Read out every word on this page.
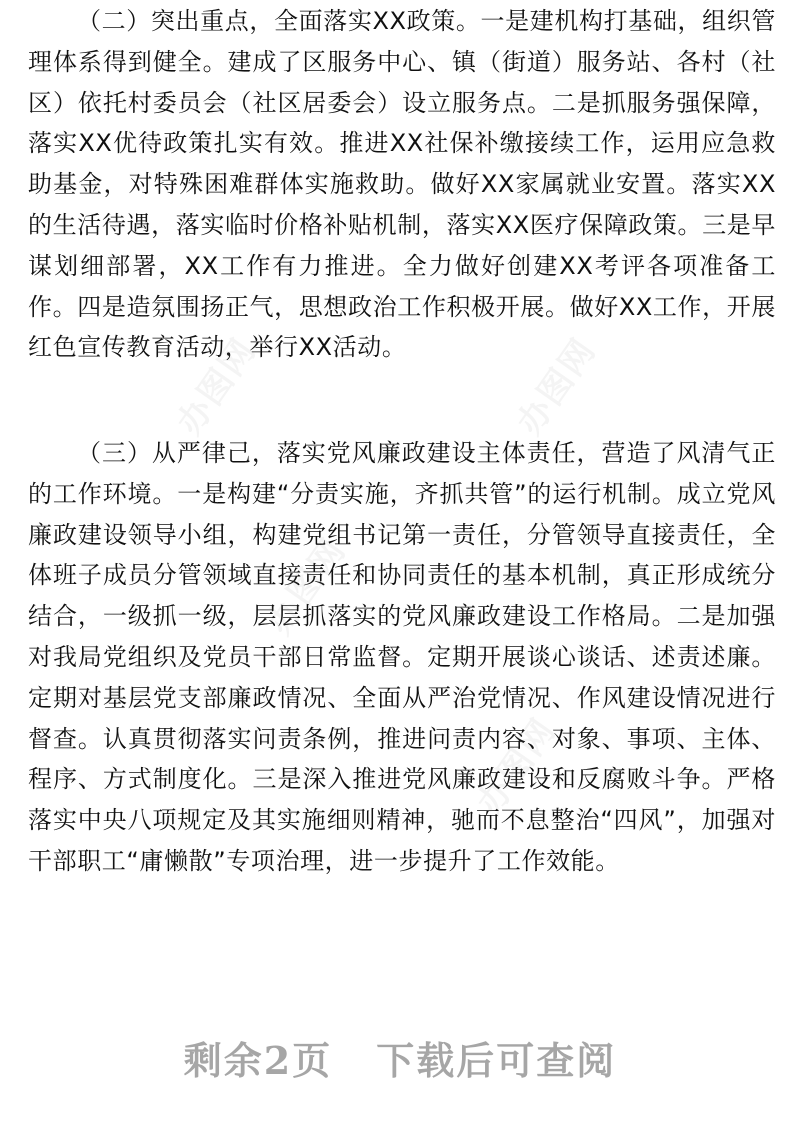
（二）突出重点，全面落实XX政策。一是建机构打基础，组织管理体系得到健全。建成了区服务中心、镇（街道）服务站、各村（社区）依托村委员会（社区居委会）设立服务点。二是抓服务强保障，落实XX优待政策扎实有效。推进XX社保补缴接续工作，运用应急救助基金，对特殊困难群体实施救助。做好XX家属就业安置。落实XX的生活待遇，落实临时价格补贴机制，落实XX医疗保障政策。三是早谋划细部署，XX工作有力推进。全力做好创建XX考评各项准备工作。四是造氛围扬正气，思想政治工作积极开展。做好XX工作，开展红色宣传教育活动，举行XX活动。

（三）从严律己，落实党风廉政建设主体责任，营造了风清气正的工作环境。一是构建“分责实施，齐抓共管”的运行机制。成立党风廉政建设领导小组，构建党组书记第一责任，分管领导直接责任，全体班子成员分管领域直接责任和协同责任的基本机制，真正形成统分结合，一级抓一级，层层抓落实的党风廉政建设工作格局。二是加强对我局党组织及党员干部日常监督。定期开展谈心谈话、述责述廉。定期对基层党支部廉政情况、全面从严治党情况、作风建设情况进行督查。认真贯彻落实问责条例，推进问责内容、对象、事项、主体、程序、方式制度化。三是深入推进党风廉政建设和反腐败斗争。严格落实中央八项规定及其实施细则精神，驰而不息整治“四风”，加强对干部职工“庸懒散”专项治理，进一步提升了工作效能。

办图网	办图网
办图网
办图网
剩余2页 下载后可查阅
